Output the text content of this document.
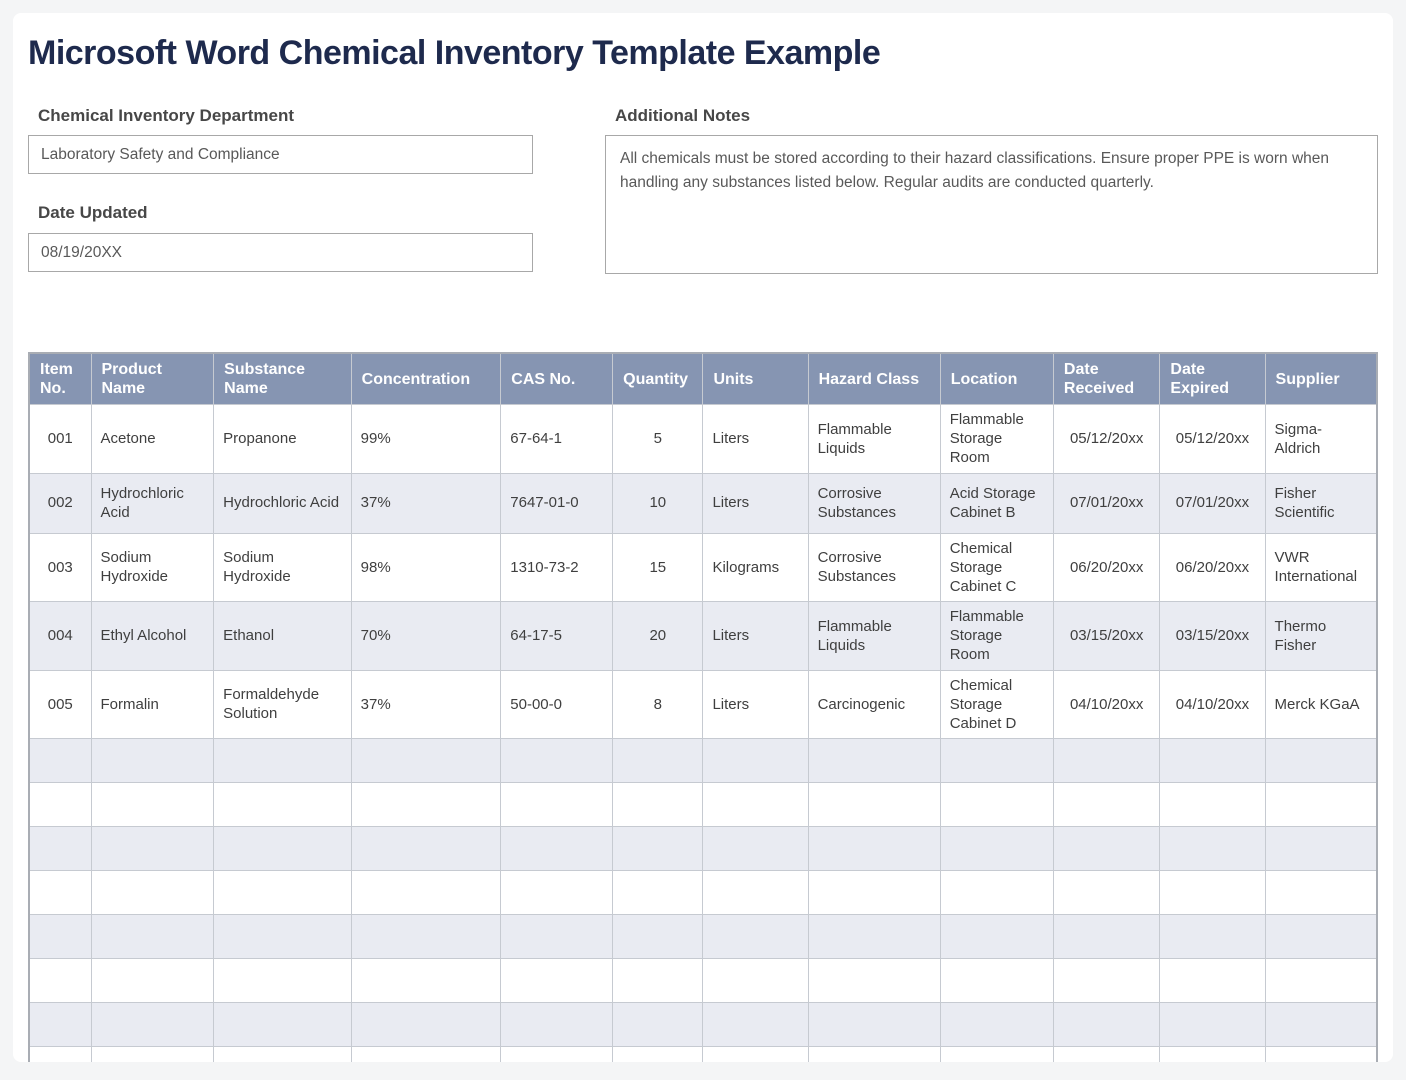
Microsoft Word Chemical Inventory Template Example
Chemical Inventory Department
Laboratory Safety and Compliance
Date Updated
08/19/20XX
Additional Notes
All chemicals must be stored according to their hazard classifications. Ensure proper PPE is worn when handling any substances listed below. Regular audits are conducted quarterly.
Item No.	Product Name	Substance Name	Concentration	CAS No.	Quantity	Units	Hazard Class	Location	Date Received	Date Expired	Supplier
001	Acetone	Propanone	99%	67-64-1	5	Liters	Flammable Liquids	Flammable Storage Room	05/12/20xx	05/12/20xx	Sigma-Aldrich
002	Hydrochloric Acid	Hydrochloric Acid	37%	7647-01-0	10	Liters	Corrosive Substances	Acid Storage Cabinet B	07/01/20xx	07/01/20xx	Fisher Scientific
003	Sodium Hydroxide	Sodium Hydroxide	98%	1310-73-2	15	Kilograms	Corrosive Substances	Chemical Storage Cabinet C	06/20/20xx	06/20/20xx	VWR International
004	Ethyl Alcohol	Ethanol	70%	64-17-5	20	Liters	Flammable Liquids	Flammable Storage Room	03/15/20xx	03/15/20xx	Thermo Fisher
005	Formalin	Formaldehyde Solution	37%	50-00-0	8	Liters	Carcinogenic	Chemical Storage Cabinet D	04/10/20xx	04/10/20xx	Merck KGaA
